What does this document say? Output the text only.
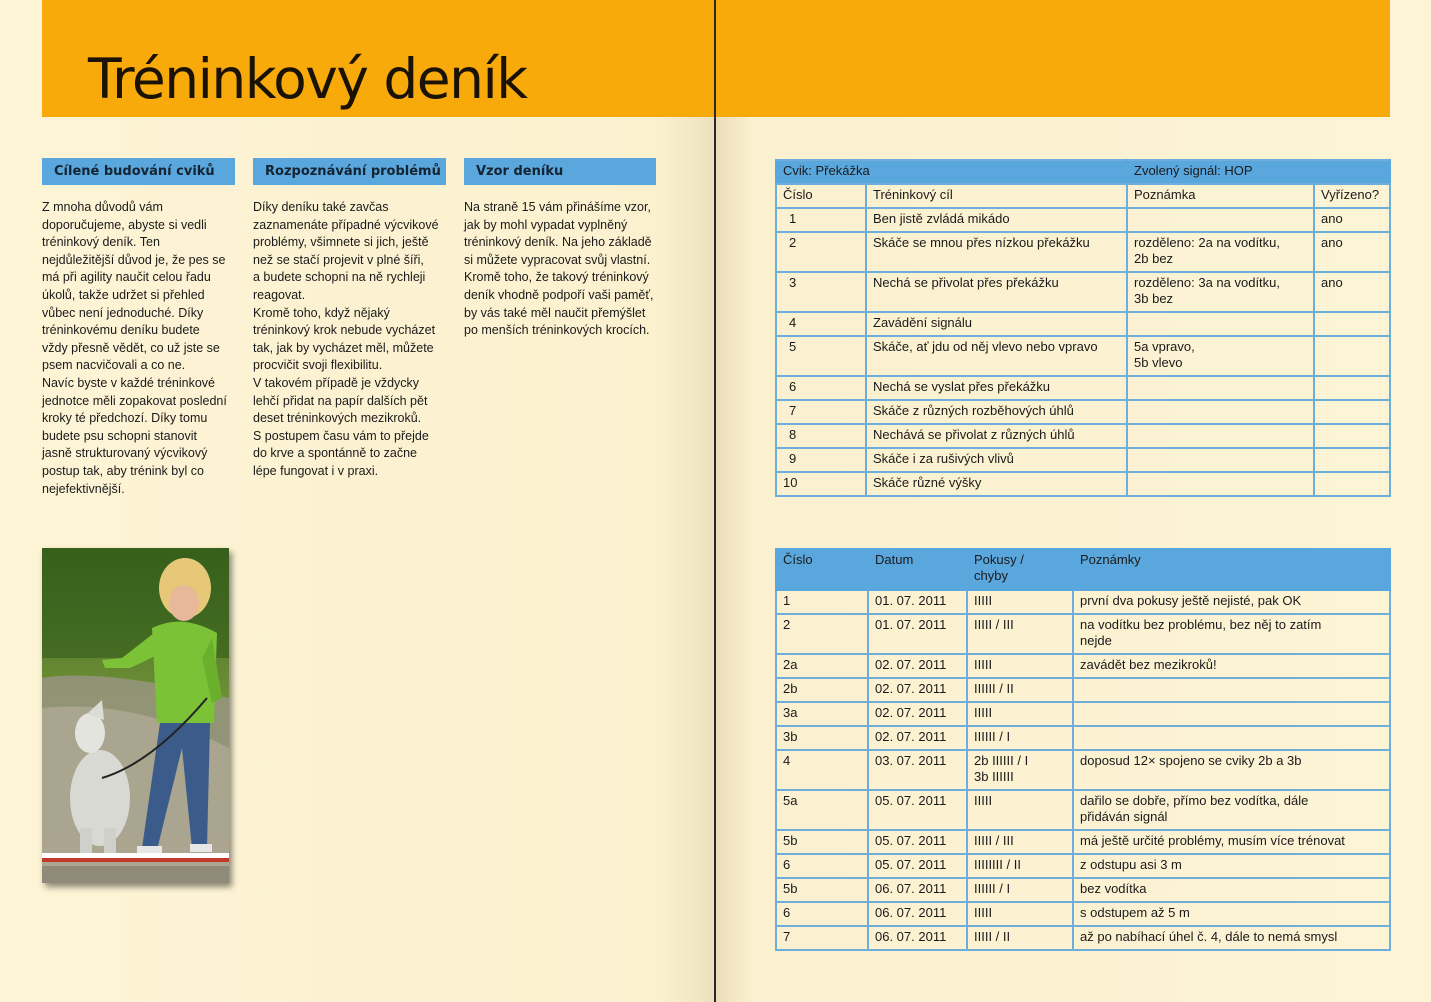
Tréninkový deník
Cílené budování cviků	Rozpoznávání problémů	Vzor deníku

Z mnoha důvodů vám
doporučujeme, abyste si vedli
tréninkový deník. Ten
nejdůležitější důvod je, že pes se
má při agility naučit celou řadu
úkolů, takže udržet si přehled
vůbec není jednoduché. Díky
tréninkovému deníku budete
vždy přesně vědět, co už jste se
psem nacvičovali a co ne.
Navíc byste v každé tréninkové
jednotce měli zopakovat poslední
kroky té předchozí. Díky tomu
budete psu schopni stanovit
jasně strukturovaný výcvikový
postup tak, aby trénink byl co
nejefektivnější.

Díky deníku také zavčas
zaznamenáte případné výcvikové
problémy, všimnete si jich, ještě
než se stačí projevit v plné šíři,
a budete schopni na ně rychleji
reagovat.
Kromě toho, když nějaký
tréninkový krok nebude vycházet
tak, jak by vycházet měl, můžete
procvičit svoji flexibilitu.
V takovém případě je vždycky
lehčí přidat na papír dalších pět
deset tréninkových mezikroků.
S postupem času vám to přejde
do krve a spontánně to začne
lépe fungovat i v praxi.

Na straně 15 vám přinášíme vzor,
jak by mohl vypadat vyplněný
tréninkový deník. Na jeho základě
si můžete vypracovat svůj vlastní.
Kromě toho, že takový tréninkový
deník vhodně podpoří vaši paměť,
by vás také měl naučit přemýšlet
po menších tréninkových krocích.

Cvik: Překážka		Zvolený signál: HOP	
Číslo	Tréninkový cíl	Poznámka	Vyřízeno?
1	Ben jistě zvládá mikádo		ano
2	Skáče se mnou přes nízkou překážku	rozděleno: 2a na vodítku,
2b bez	ano
3	Nechá se přivolat přes překážku	rozděleno: 3a na vodítku,
3b bez	ano
4	Zavádění signálu		
5	Skáče, ať jdu od něj vlevo nebo vpravo	5a vpravo,
5b vlevo	
6	Nechá se vyslat přes překážku		
7	Skáče z různých rozběhových úhlů		
8	Nechává se přivolat z různých úhlů		
9	Skáče i za rušivých vlivů		
10	Skáče různé výšky		
Číslo	Datum	Pokusy /
chyby	Poznámky
1	01. 07. 2011	IIIII	první dva pokusy ještě nejisté, pak OK
2	01. 07. 2011	IIIII / III	na vodítku bez problému, bez něj to zatím
nejde
2a	02. 07. 2011	IIIII	zavádět bez mezikroků!
2b	02. 07. 2011	IIIIII / II	
3a	02. 07. 2011	IIIII	
3b	02. 07. 2011	IIIIII / I	
4	03. 07. 2011	2b IIIIII / I
3b IIIIII	doposud 12× spojeno se cviky 2b a 3b
5a	05. 07. 2011	IIIII	dařilo se dobře, přímo bez vodítka, dále
přidáván signál
5b	05. 07. 2011	IIIII / III	má ještě určité problémy, musím více trénovat
6	05. 07. 2011	IIIIIIII / II	z odstupu asi 3 m
5b	06. 07. 2011	IIIIII / I	bez vodítka
6	06. 07. 2011	IIIII	s odstupem až 5 m
7	06. 07. 2011	IIIII / II	až po nabíhací úhel č. 4, dále to nemá smysl
